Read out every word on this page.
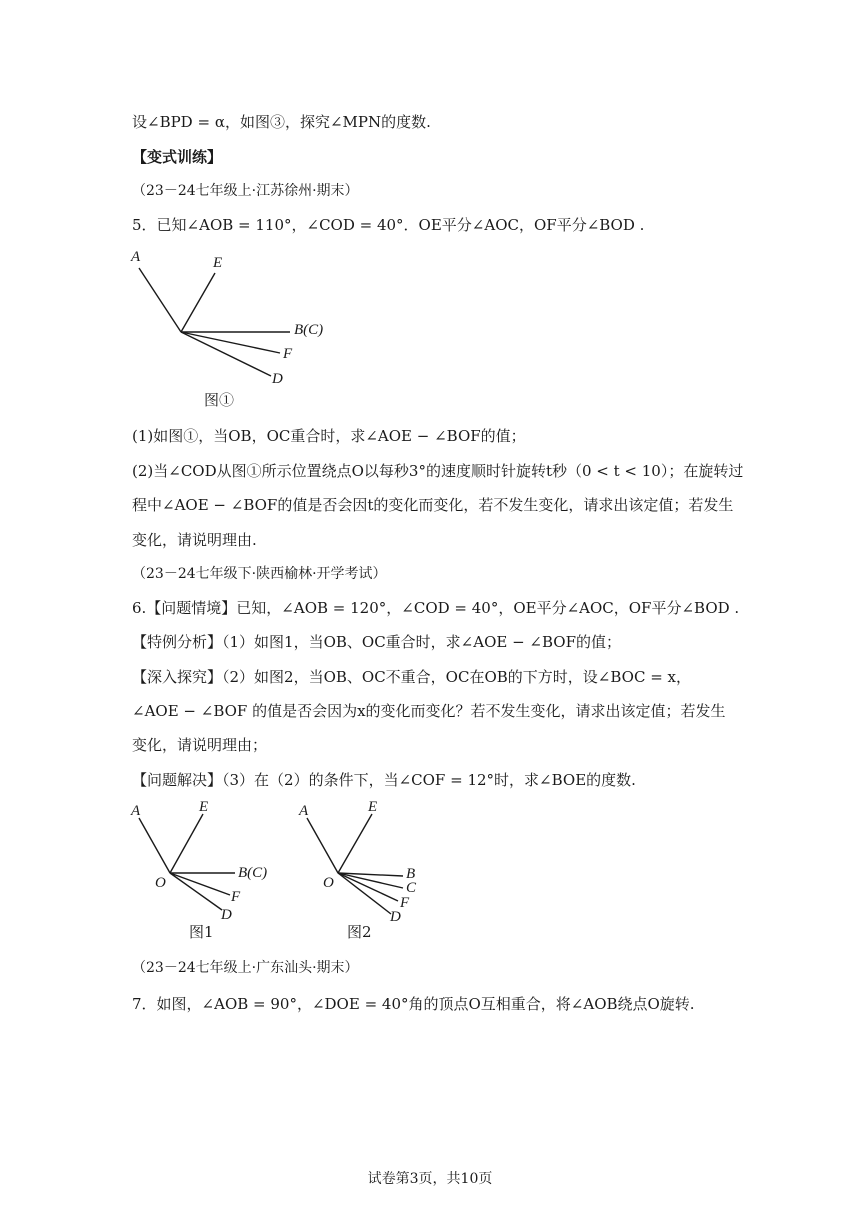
设∠BPD = α，如图③，探究∠MPN的度数.
【变式训练】
（23－24七年级上·江苏徐州·期末）
5．已知∠AOB = 110°，∠COD = 40°．OE平分∠AOC，OF平分∠BOD .
A	E
B(C)
F
D
图①
(1)如图①，当OB，OC重合时，求∠AOE − ∠BOF的值；
(2)当∠COD从图①所示位置绕点O以每秒3°的速度顺时针旋转t秒（0 < t < 10）；在旋转过
程中∠AOE − ∠BOF的值是否会因t的变化而变化，若不发生变化，请求出该定值；若发生
变化，请说明理由.
（23－24七年级下·陕西榆林·开学考试）
6.【问题情境】已知，∠AOB = 120°，∠COD = 40°，OE平分∠AOC，OF平分∠BOD .
【特例分析】（1）如图1，当OB、OC重合时，求∠AOE − ∠BOF的值；
【深入探究】（2）如图2，当OB、OC不重合，OC在OB的下方时，设∠BOC = x，
∠AOE − ∠BOF 的值是否会因为x的变化而变化？若不发生变化，请求出该定值；若发生
变化，请说明理由；
【问题解决】（3）在（2）的条件下，当∠COF = 12°时，求∠BOE的度数.
A	E
O
B(C)
F
D
图1
A	E
O
B
C
F
D
图2
（23－24七年级上·广东汕头·期末）
7．如图，∠AOB = 90°，∠DOE = 40°角的顶点O互相重合，将∠AOB绕点O旋转.
试卷第3页，共10页
